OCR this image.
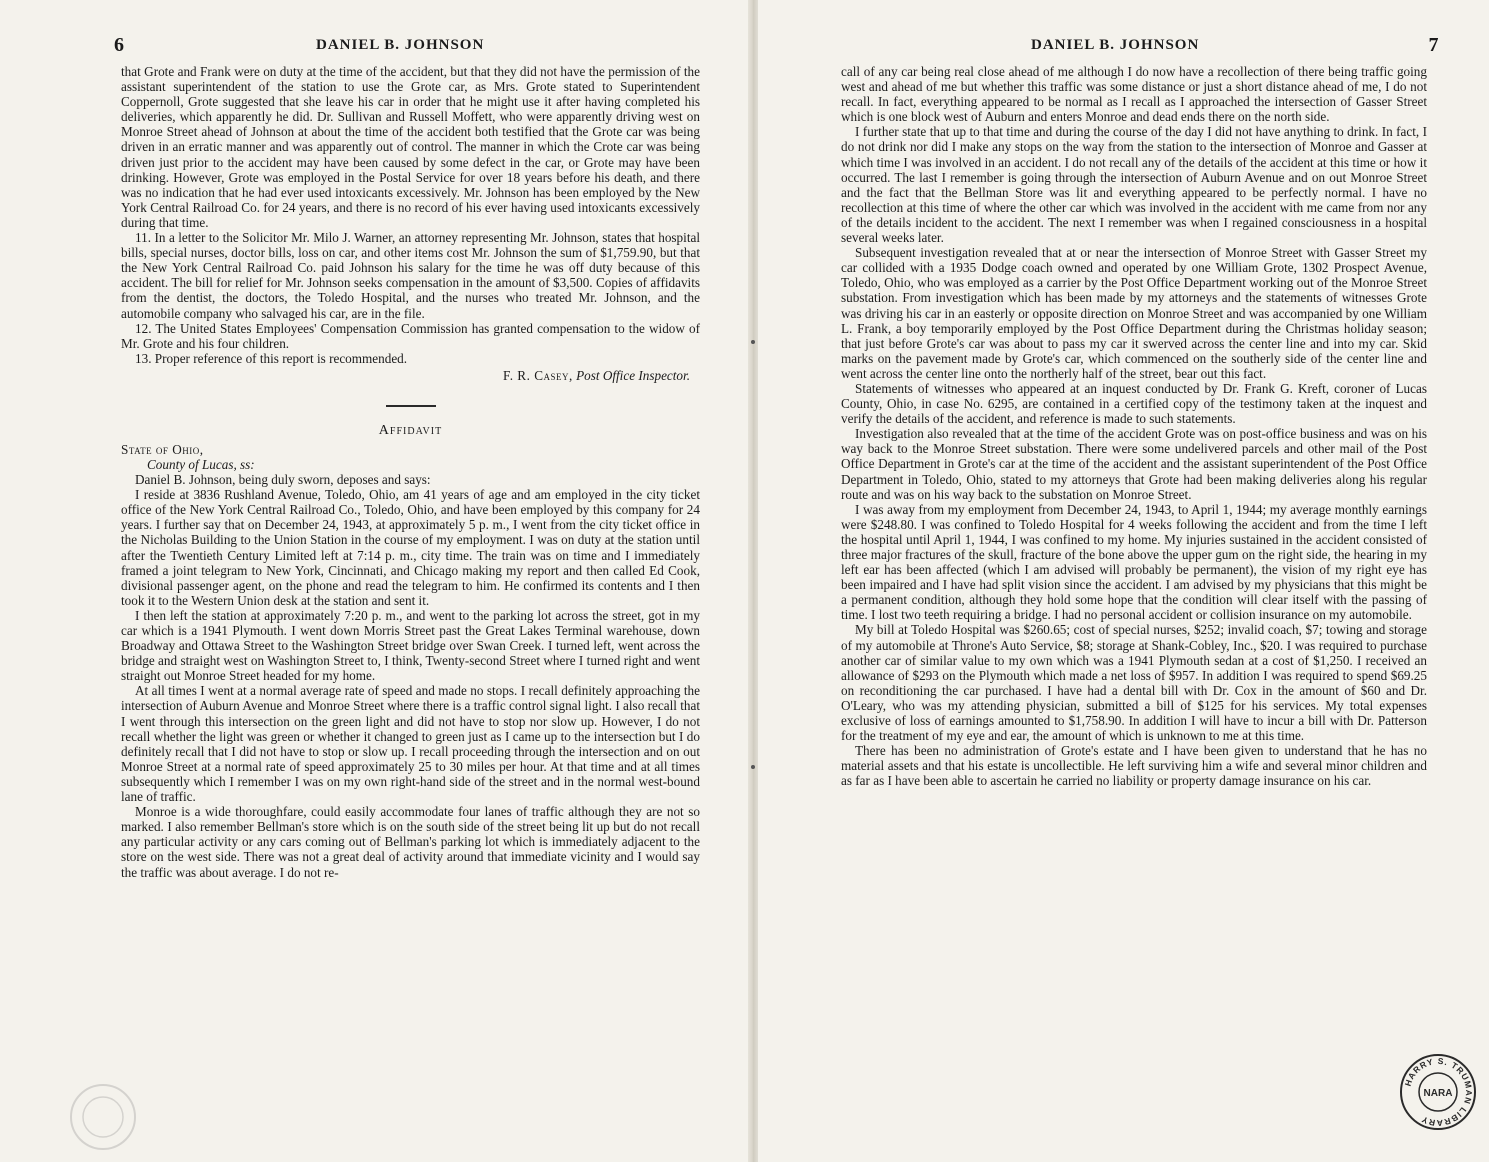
6	DANIEL B. JOHNSON

that Grote and Frank were on duty at the time of the accident, but that they did not have the permission of the assistant superintendent of the station to use the Grote car, as Mrs. Grote stated to Superintendent Coppernoll, Grote suggested that she leave his car in order that he might use it after having completed his deliveries, which apparently he did. Dr. Sullivan and Russell Moffett, who were apparently driving west on Monroe Street ahead of Johnson at about the time of the accident both testified that the Grote car was being driven in an erratic manner and was apparently out of control. The manner in which the Crote car was being driven just prior to the accident may have been caused by some defect in the car, or Grote may have been drinking. However, Grote was employed in the Postal Service for over 18 years before his death, and there was no indication that he had ever used intoxicants excessively. Mr. Johnson has been employed by the New York Central Railroad Co. for 24 years, and there is no record of his ever having used intoxicants excessively during that time.

11. In a letter to the Solicitor Mr. Milo J. Warner, an attorney representing Mr. Johnson, states that hospital bills, special nurses, doctor bills, loss on car, and other items cost Mr. Johnson the sum of $1,759.90, but that the New York Central Railroad Co. paid Johnson his salary for the time he was off duty because of this accident. The bill for relief for Mr. Johnson seeks compensation in the amount of $3,500. Copies of affidavits from the dentist, the doctors, the Toledo Hospital, and the nurses who treated Mr. Johnson, and the automobile company who salvaged his car, are in the file.

12. The United States Employees' Compensation Commission has granted compensation to the widow of Mr. Grote and his four children.

13. Proper reference of this report is recommended.

F. R. Casey, Post Office Inspector.
Affidavit
State of Ohio,
County of Lucas, ss:

Daniel B. Johnson, being duly sworn, deposes and says:

I reside at 3836 Rushland Avenue, Toledo, Ohio, am 41 years of age and am employed in the city ticket office of the New York Central Railroad Co., Toledo, Ohio, and have been employed by this company for 24 years. I further say that on December 24, 1943, at approximately 5 p. m., I went from the city ticket office in the Nicholas Building to the Union Station in the course of my employment. I was on duty at the station until after the Twentieth Century Limited left at 7:14 p. m., city time. The train was on time and I immediately framed a joint telegram to New York, Cincinnati, and Chicago making my report and then called Ed Cook, divisional passenger agent, on the phone and read the telegram to him. He confirmed its contents and I then took it to the Western Union desk at the station and sent it.

I then left the station at approximately 7:20 p. m., and went to the parking lot across the street, got in my car which is a 1941 Plymouth. I went down Morris Street past the Great Lakes Terminal warehouse, down Broadway and Ottawa Street to the Washington Street bridge over Swan Creek. I turned left, went across the bridge and straight west on Washington Street to, I think, Twenty-second Street where I turned right and went straight out Monroe Street headed for my home.

At all times I went at a normal average rate of speed and made no stops. I recall definitely approaching the intersection of Auburn Avenue and Monroe Street where there is a traffic control signal light. I also recall that I went through this intersection on the green light and did not have to stop nor slow up. However, I do not recall whether the light was green or whether it changed to green just as I came up to the intersection but I do definitely recall that I did not have to stop or slow up. I recall proceeding through the intersection and on out Monroe Street at a normal rate of speed approximately 25 to 30 miles per hour. At that time and at all times subsequently which I remember I was on my own right-hand side of the street and in the normal west-bound lane of traffic.

Monroe is a wide thoroughfare, could easily accommodate four lanes of traffic although they are not so marked. I also remember Bellman's store which is on the south side of the street being lit up but do not recall any particular activity or any cars coming out of Bellman's parking lot which is immediately adjacent to the store on the west side. There was not a great deal of activity around that immediate vicinity and I would say the traffic was about average. I do not re-

DANIEL B. JOHNSON	7

call of any car being real close ahead of me although I do now have a recollection of there being traffic going west and ahead of me but whether this traffic was some distance or just a short distance ahead of me, I do not recall. In fact, everything appeared to be normal as I recall as I approached the intersection of Gasser Street which is one block west of Auburn and enters Monroe and dead ends there on the north side.

I further state that up to that time and during the course of the day I did not have anything to drink. In fact, I do not drink nor did I make any stops on the way from the station to the intersection of Monroe and Gasser at which time I was involved in an accident. I do not recall any of the details of the accident at this time or how it occurred. The last I remember is going through the intersection of Auburn Avenue and on out Monroe Street and the fact that the Bellman Store was lit and everything appeared to be perfectly normal. I have no recollection at this time of where the other car which was involved in the accident with me came from nor any of the details incident to the accident. The next I remember was when I regained consciousness in a hospital several weeks later.

Subsequent investigation revealed that at or near the intersection of Monroe Street with Gasser Street my car collided with a 1935 Dodge coach owned and operated by one William Grote, 1302 Prospect Avenue, Toledo, Ohio, who was employed as a carrier by the Post Office Department working out of the Monroe Street substation. From investigation which has been made by my attorneys and the statements of witnesses Grote was driving his car in an easterly or opposite direction on Monroe Street and was accompanied by one William L. Frank, a boy temporarily employed by the Post Office Department during the Christmas holiday season; that just before Grote's car was about to pass my car it swerved across the center line and into my car. Skid marks on the pavement made by Grote's car, which commenced on the southerly side of the center line and went across the center line onto the northerly half of the street, bear out this fact.

Statements of witnesses who appeared at an inquest conducted by Dr. Frank G. Kreft, coroner of Lucas County, Ohio, in case No. 6295, are contained in a certified copy of the testimony taken at the inquest and verify the details of the accident, and reference is made to such statements.

Investigation also revealed that at the time of the accident Grote was on post-office business and was on his way back to the Monroe Street substation. There were some undelivered parcels and other mail of the Post Office Department in Grote's car at the time of the accident and the assistant superintendent of the Post Office Department in Toledo, Ohio, stated to my attorneys that Grote had been making deliveries along his regular route and was on his way back to the substation on Monroe Street.

I was away from my employment from December 24, 1943, to April 1, 1944; my average monthly earnings were $248.80. I was confined to Toledo Hospital for 4 weeks following the accident and from the time I left the hospital until April 1, 1944, I was confined to my home. My injuries sustained in the accident consisted of three major fractures of the skull, fracture of the bone above the upper gum on the right side, the hearing in my left ear has been affected (which I am advised will probably be permanent), the vision of my right eye has been impaired and I have had split vision since the accident. I am advised by my physicians that this might be a permanent condition, although they hold some hope that the condition will clear itself with the passing of time. I lost two teeth requiring a bridge. I had no personal accident or collision insurance on my automobile.

My bill at Toledo Hospital was $260.65; cost of special nurses, $252; invalid coach, $7; towing and storage of my automobile at Throne's Auto Service, $8; storage at Shank-Cobley, Inc., $20. I was required to purchase another car of similar value to my own which was a 1941 Plymouth sedan at a cost of $1,250. I received an allowance of $293 on the Plymouth which made a net loss of $957. In addition I was required to spend $69.25 on reconditioning the car purchased. I have had a dental bill with Dr. Cox in the amount of $60 and Dr. O'Leary, who was my attending physician, submitted a bill of $125 for his services. My total expenses exclusive of loss of earnings amounted to $1,758.90. In addition I will have to incur a bill with Dr. Patterson for the treatment of my eye and ear, the amount of which is unknown to me at this time.

There has been no administration of Grote's estate and I have been given to understand that he has no material assets and that his estate is uncollectible. He left surviving him a wife and several minor children and as far as I have been able to ascertain he carried no liability or property damage insurance on his car.

HARRY S. TRUMAN LIBRARY
NARA
